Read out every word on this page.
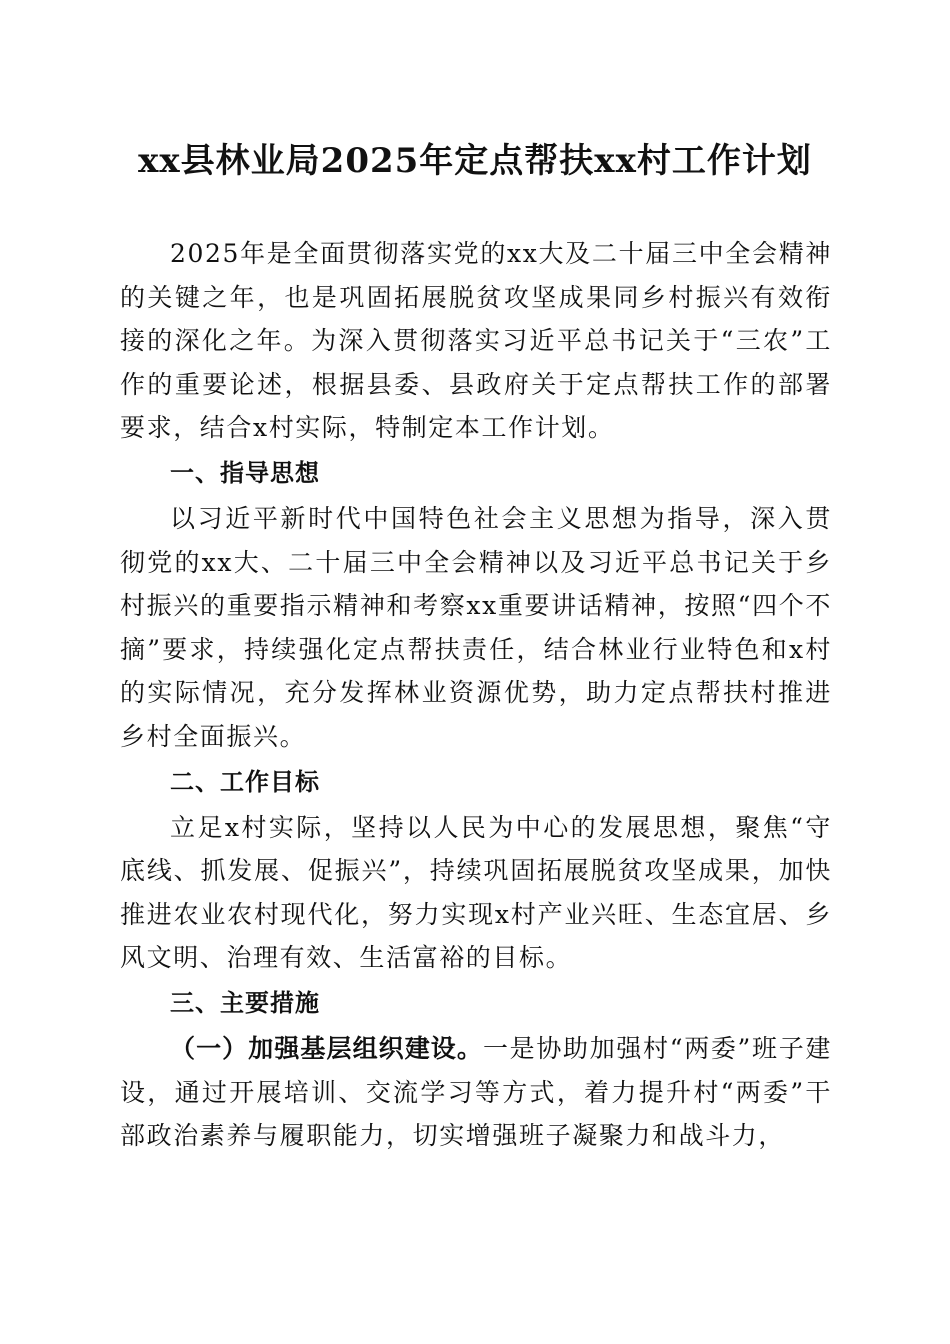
xx县林业局2025年定点帮扶xx村工作计划

2025年是全面贯彻落实党的xx大及二十届三中全会精神的关键之年，也是巩固拓展脱贫攻坚成果同乡村振兴有效衔接的深化之年。为深入贯彻落实习近平总书记关于“三农”工作的重要论述，根据县委、县政府关于定点帮扶工作的部署要求，结合x村实际，特制定本工作计划。

一、指导思想

以习近平新时代中国特色社会主义思想为指导，深入贯彻党的xx大、二十届三中全会精神以及习近平总书记关于乡村振兴的重要指示精神和考察xx重要讲话精神，按照“四个不摘”要求，持续强化定点帮扶责任，结合林业行业特色和x村的实际情况，充分发挥林业资源优势，助力定点帮扶村推进乡村全面振兴。

二、工作目标

立足x村实际，坚持以人民为中心的发展思想，聚焦“守底线、抓发展、促振兴”，持续巩固拓展脱贫攻坚成果，加快推进农业农村现代化，努力实现x村产业兴旺、生态宜居、乡风文明、治理有效、生活富裕的目标。

三、主要措施

（一）加强基层组织建设。一是协助加强村“两委”班子建设，通过开展培训、交流学习等方式，着力提升村“两委”干部政治素养与履职能力，切实增强班子凝聚力和战斗力，
